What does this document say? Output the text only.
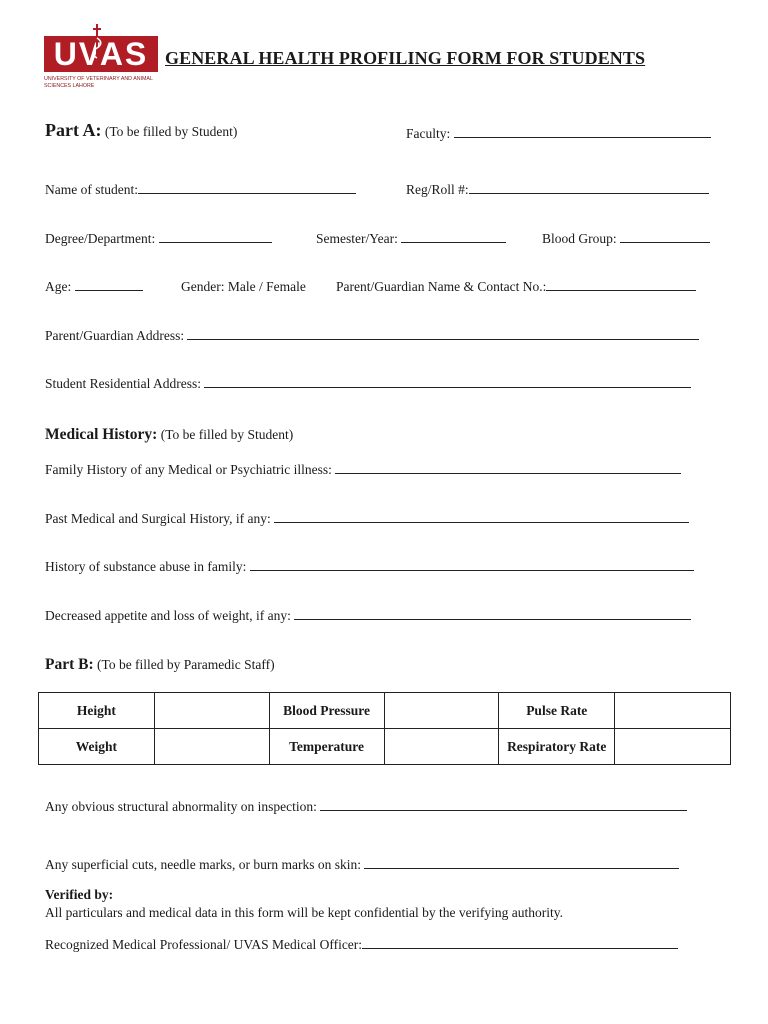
UVAS
UNIVERSITY OF VETERINARY AND ANIMAL SCIENCES LAHORE
GENERAL HEALTH PROFILING FORM FOR STUDENTS
Part A: (To be filled by Student)	Faculty:
Name of student:	Reg/Roll #:
Degree/Department:	Semester/Year:	Blood Group:
Age:	Gender: Male / Female Parent/Guardian Name & Contact No.:
Parent/Guardian Address:
Student Residential Address:
Medical History: (To be filled by Student)
Family History of any Medical or Psychiatric illness:
Past Medical and Surgical History, if any:
History of substance abuse in family:
Decreased appetite and loss of weight, if any:
Part B: (To be filled by Paramedic Staff)
Height		Blood Pressure		Pulse Rate	
Weight		Temperature		Respiratory Rate	
Any obvious structural abnormality on inspection:
Any superficial cuts, needle marks, or burn marks on skin:
Verified by:
All particulars and medical data in this form will be kept confidential by the verifying authority.
Recognized Medical Professional/ UVAS Medical Officer:
